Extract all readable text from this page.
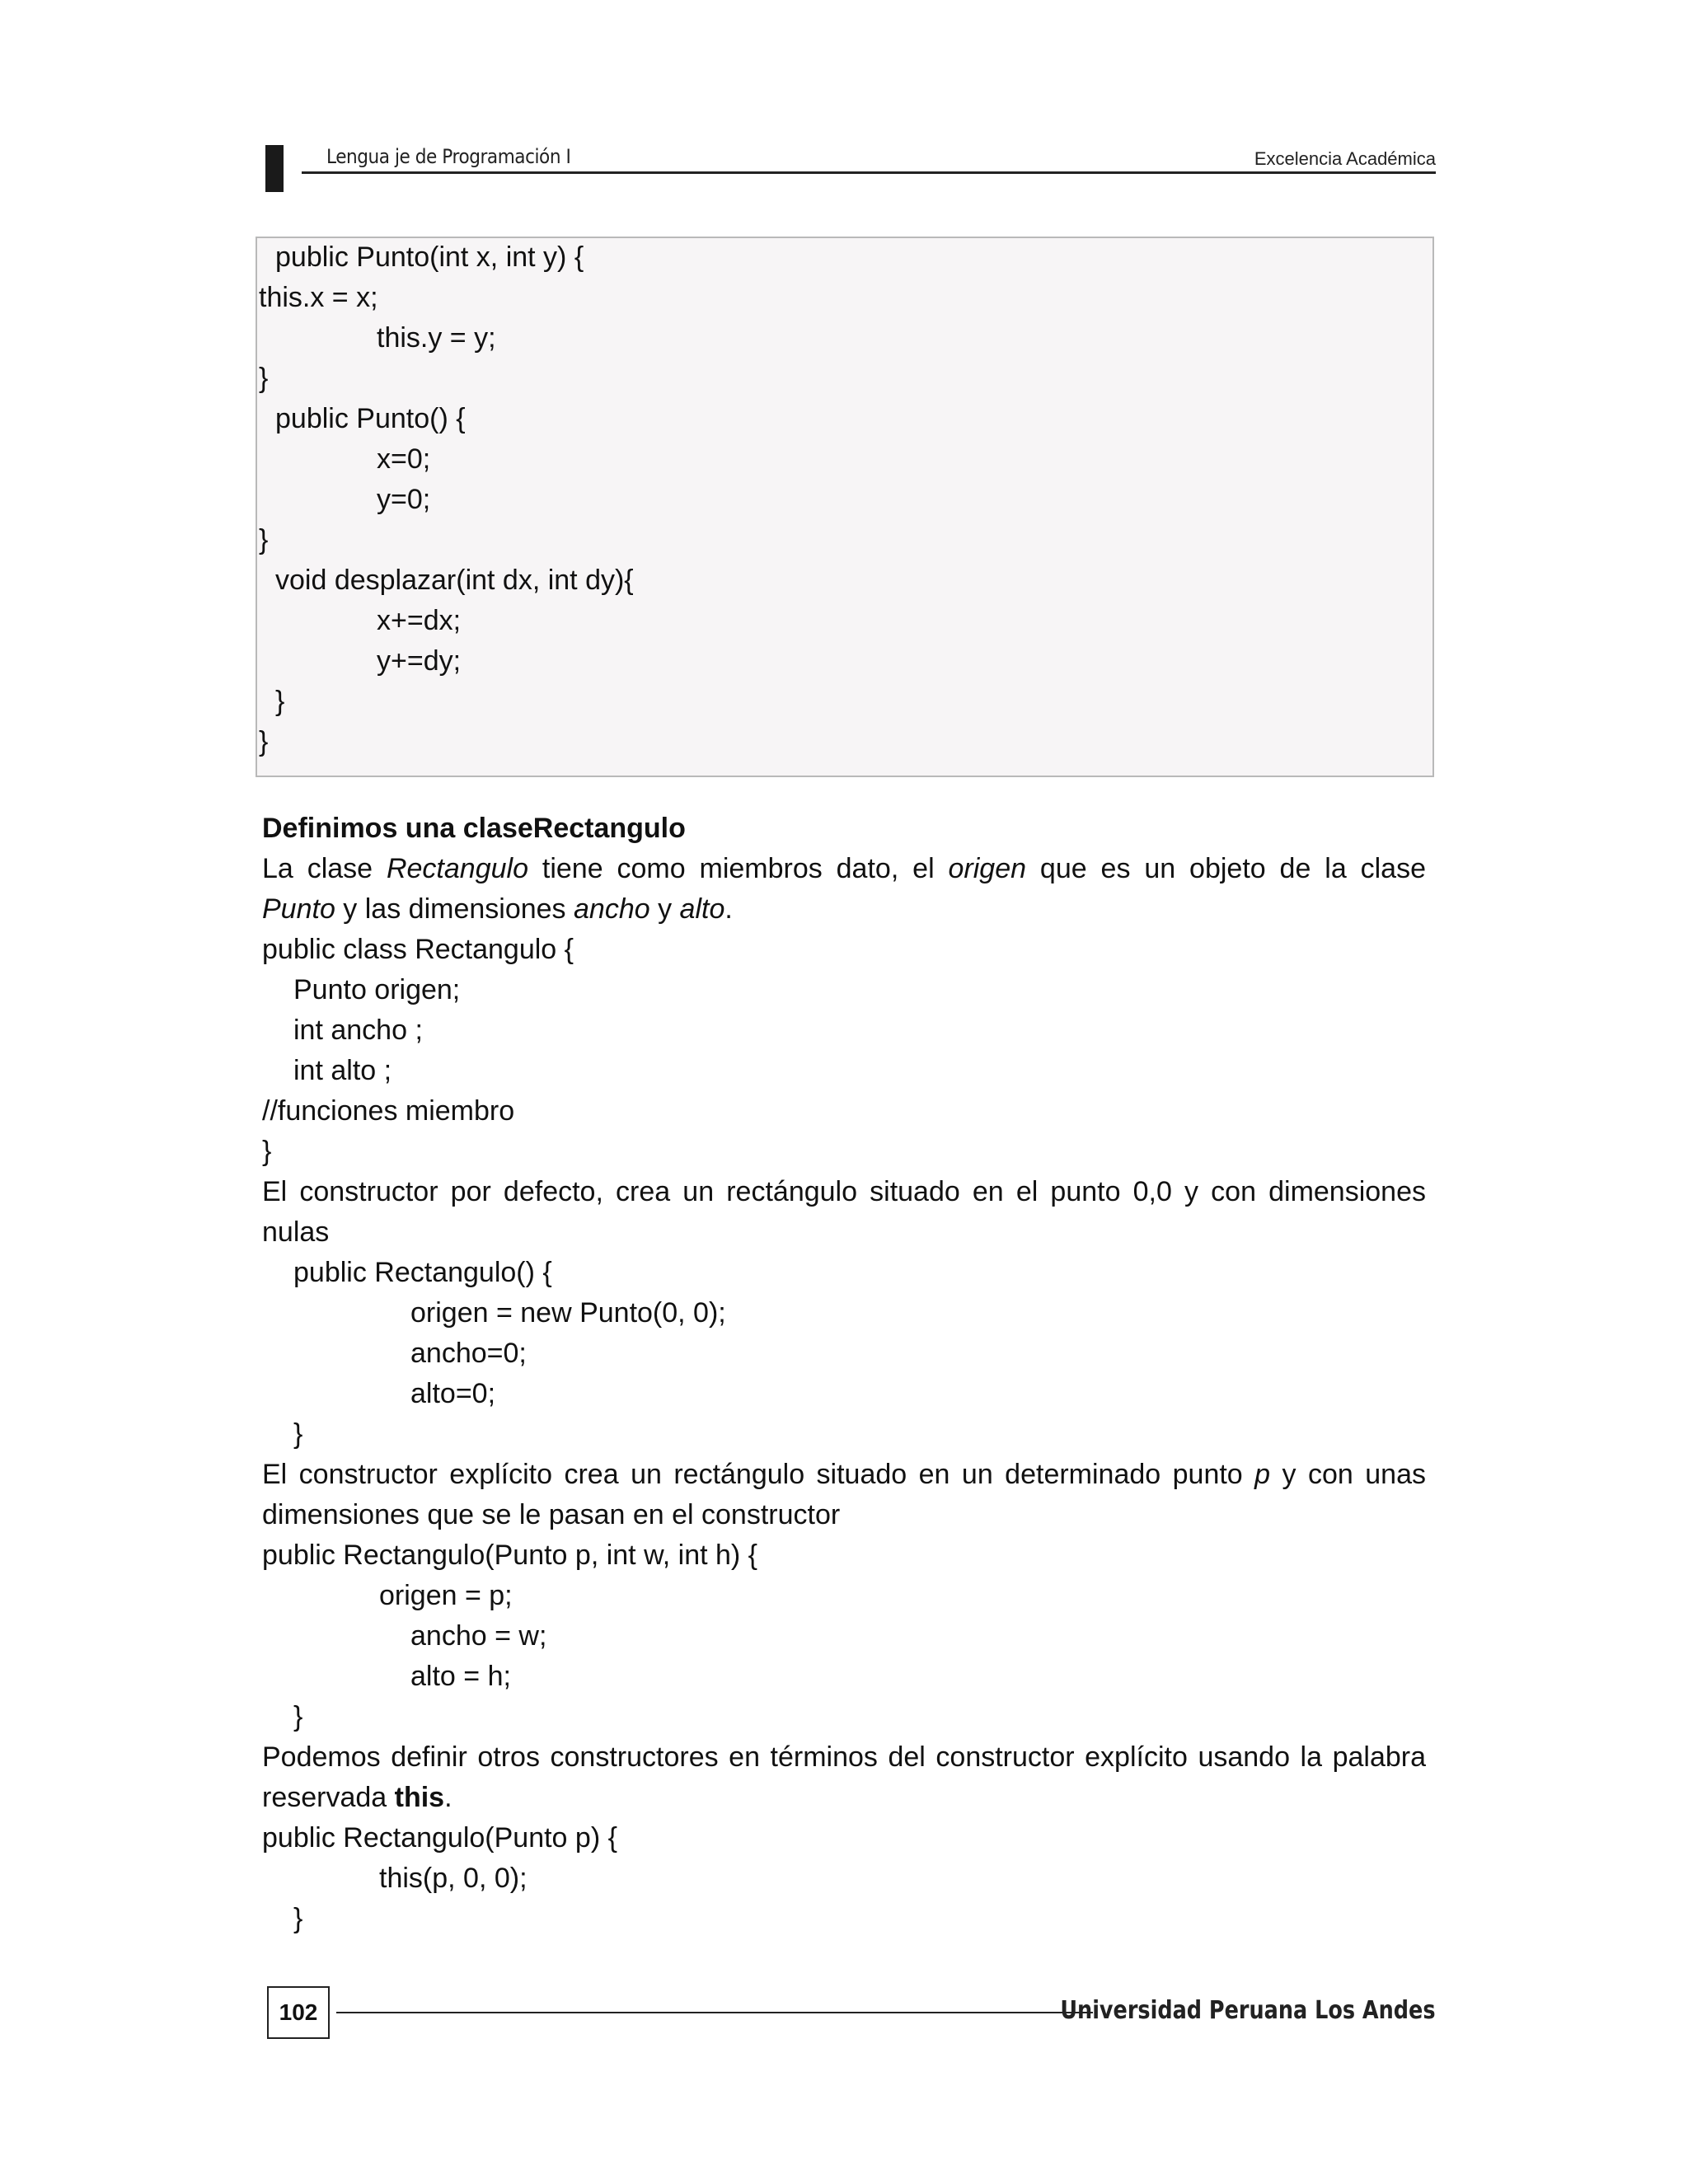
Lengua je de Programación I	Excelencia Académica
public Punto(int x, int y) {
this.x = x;
this.y = y;
}
public Punto() {
x=0;
y=0;
}
void desplazar(int dx, int dy){
x+=dx;
y+=dy;
}
}
Definimos una claseRectangulo
La clase Rectangulo tiene como miembros dato, el origen que es un objeto de la clase
Punto y las dimensiones ancho y alto.
public class Rectangulo {
Punto origen;
int ancho ;
int alto ;
//funciones miembro
}
El constructor por defecto, crea un rectángulo situado en el punto 0,0 y con dimensiones
nulas
public Rectangulo() {
origen = new Punto(0, 0);
ancho=0;
alto=0;
}
El constructor explícito crea un rectángulo situado en un determinado punto p y con unas
dimensiones que se le pasan en el constructor
public Rectangulo(Punto p, int w, int h) {
origen = p;
ancho = w;
alto = h;
}
Podemos definir otros constructores en términos del constructor explícito usando la palabra
reservada this.
public Rectangulo(Punto p) {
this(p, 0, 0);
}
102	Universidad Peruana Los Andes
